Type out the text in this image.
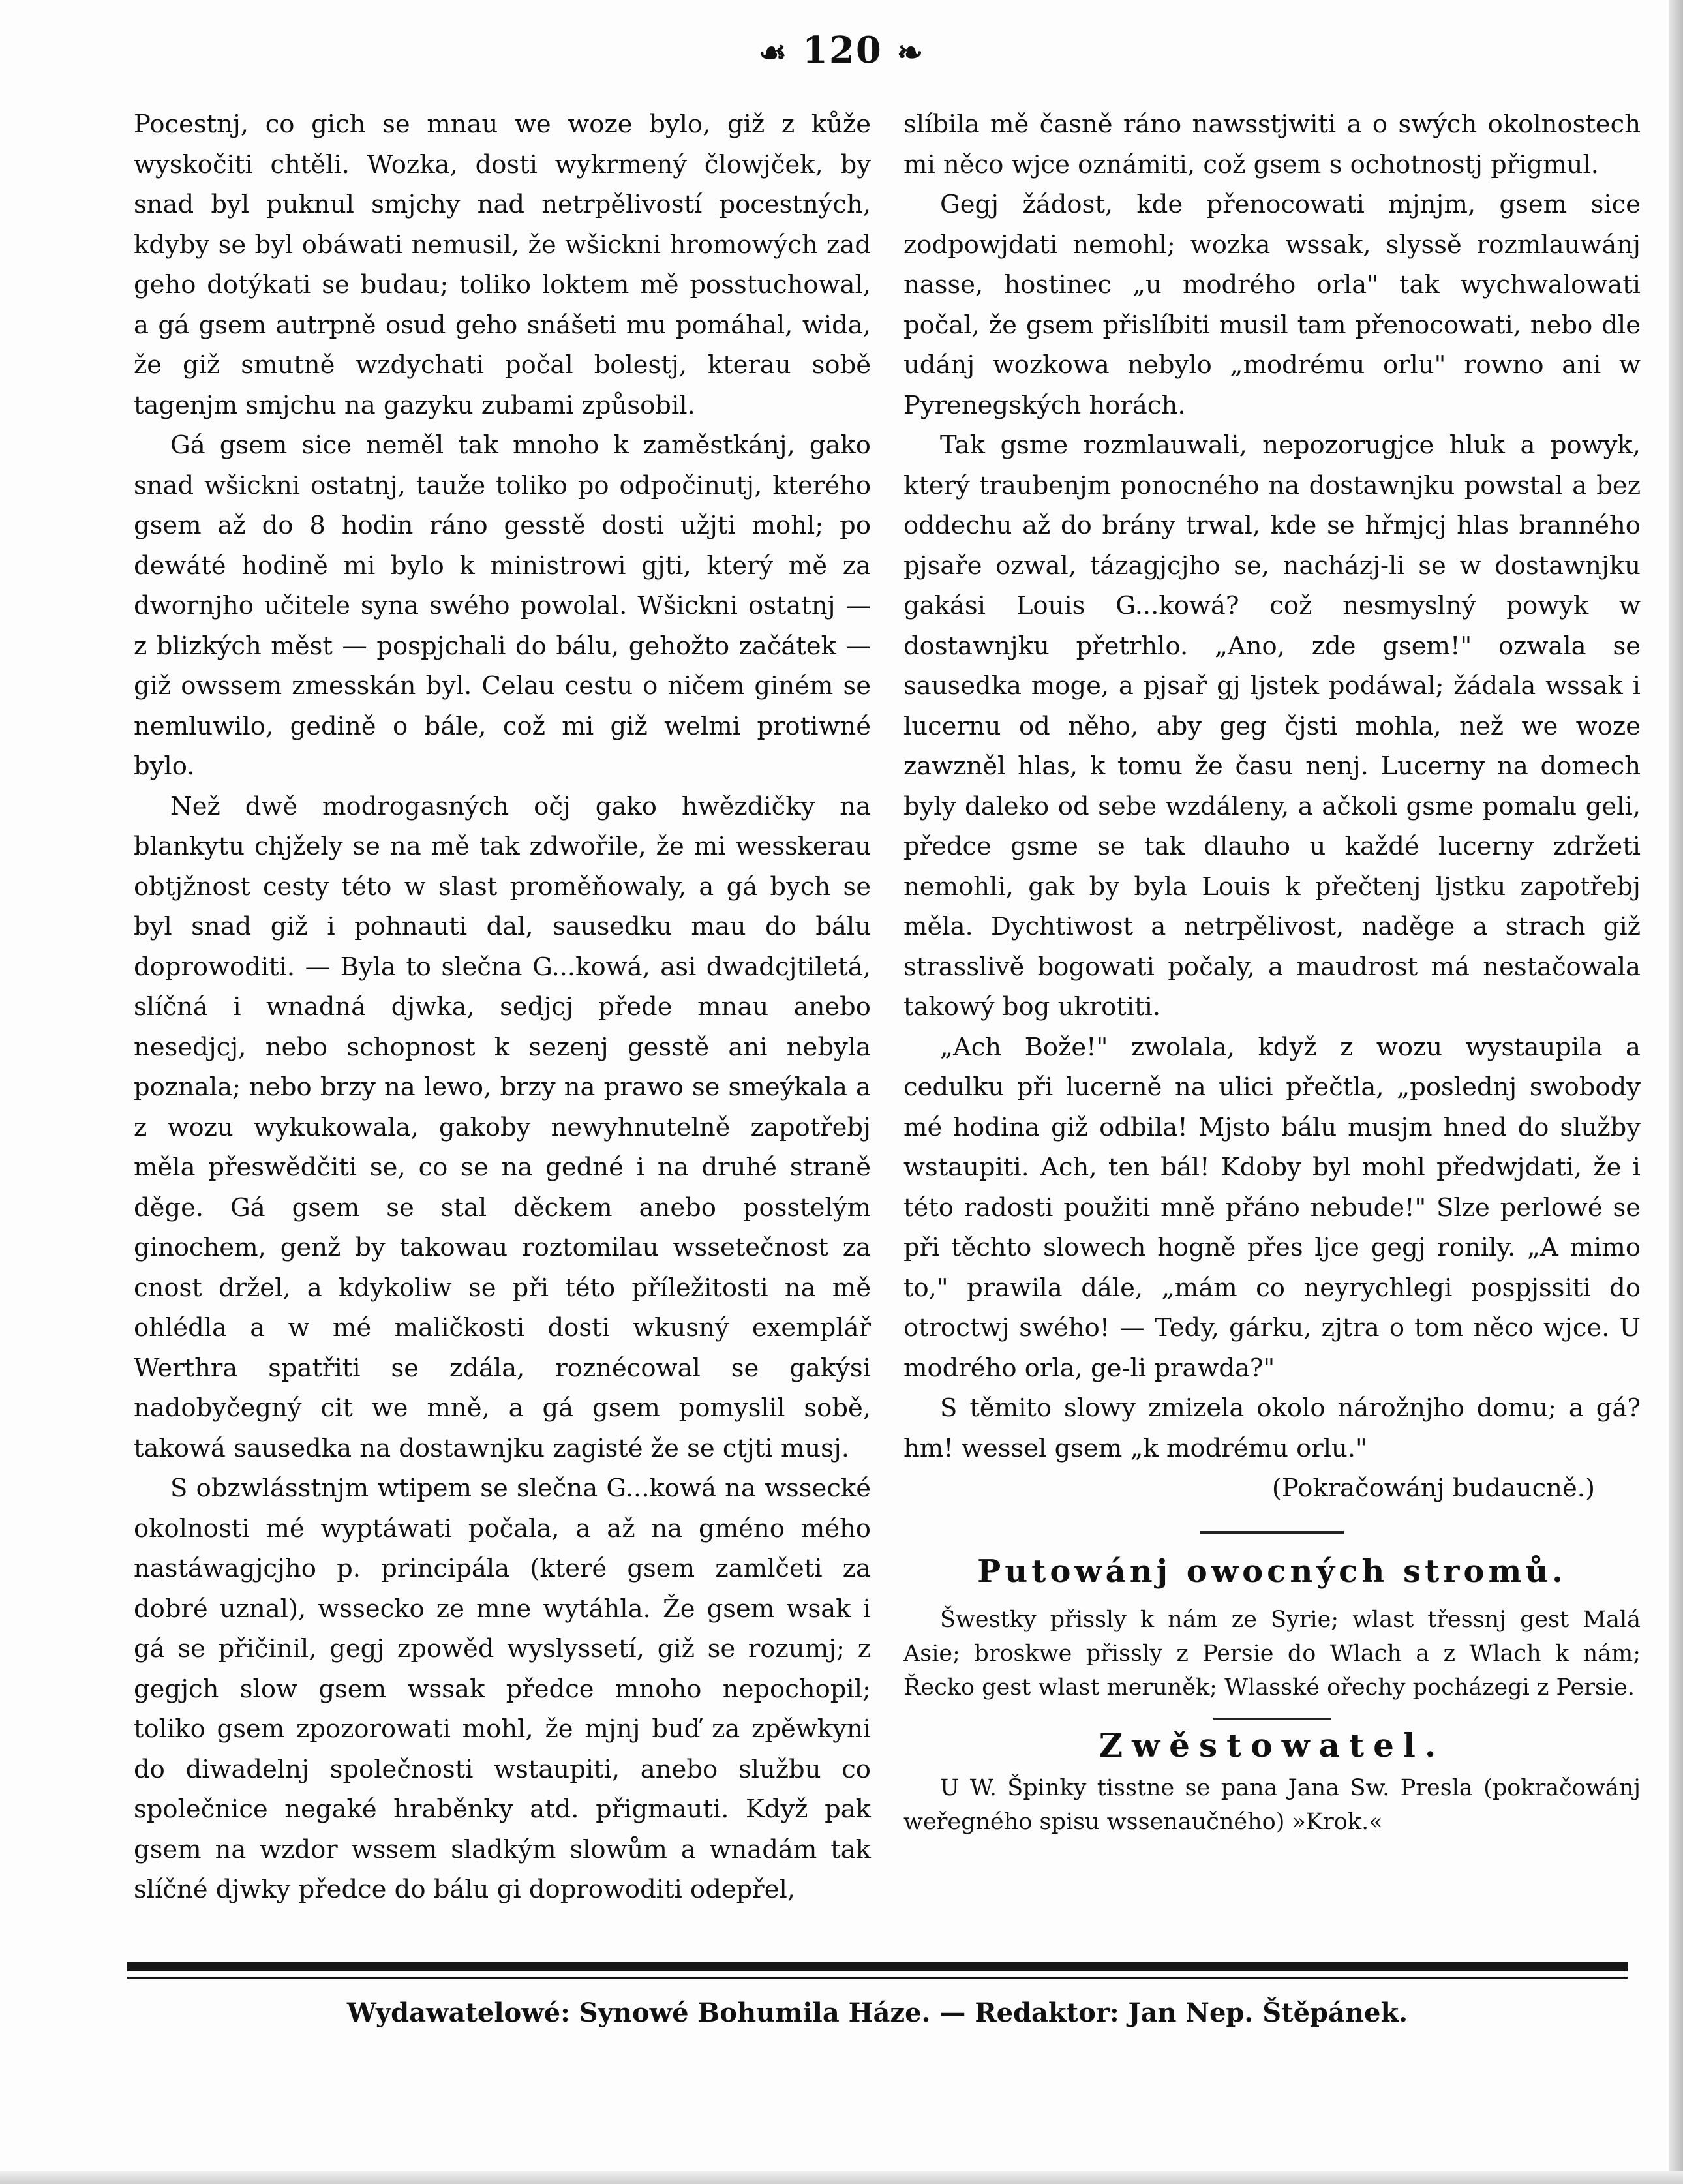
☙ 120 ❧

Pocestnj, co gich se mnau we woze bylo, giž z kůže wyskočiti chtěli. Wozka, dosti wykrmený člowjček, by snad byl puknul smjchy nad netrpělivostí pocestných, kdyby se byl obáwati nemusil, že wšickni hromowých zad geho dotýkati se budau; toliko loktem mě posstuchowal, a gá gsem autrpně osud geho snášeti mu pomáhal, wida, že giž smutně wzdychati počal bolestj, kterau sobě tagenjm smjchu na gazyku zubami způsobil.

Gá gsem sice neměl tak mnoho k zaměstkánj, gako snad wšickni ostatnj, tauže toliko po odpočinutj, kterého gsem až do 8 hodin ráno gesstě dosti užjti mohl; po dewáté hodině mi bylo k ministrowi gjti, který mě za dwornjho učitele syna swého powolal. Wšickni ostatnj — z blizkých měst — pospjchali do bálu, gehožto začátek — giž owssem zmesskán byl. Celau cestu o ničem giném se nemluwilo, gedině o bále, což mi giž welmi protiwné bylo.

Než dwě modrogasných očj gako hwězdičky na blankytu chjžely se na mě tak zdwořile, že mi wesskerau obtjžnost cesty této w slast proměňowaly, a gá bych se byl snad giž i pohnauti dal, sausedku mau do bálu doprowoditi. — Byla to slečna G...kowá, asi dwadcjtiletá, slíčná i wnadná djwka, sedjcj přede mnau anebo nesedjcj, nebo schopnost k sezenj gesstě ani nebyla poznala; nebo brzy na lewo, brzy na prawo se smeýkala a z wozu wykukowala, gakoby newyhnutelně zapotřebj měla přeswědčiti se, co se na gedné i na druhé straně děge. Gá gsem se stal děckem anebo posstelým ginochem, genž by takowau roztomilau wssetečnost za cnost držel, a kdykoliw se při této příležitosti na mě ohlédla a w mé maličkosti dosti wkusný exemplář Werthra spatřiti se zdála, roznécowal se gakýsi nadobyčegný cit we mně, a gá gsem pomyslil sobě, takowá sausedka na dostawnjku zagisté že se ctjti musj.

S obzwlásstnjm wtipem se slečna G...kowá na wssecké okolnosti mé wyptáwati počala, a až na gméno mého nastáwagjcjho p. principála (které gsem zamlčeti za dobré uznal), wssecko ze mne wytáhla. Že gsem wsak i gá se přičinil, gegj zpowěd wyslyssetí, giž se rozumj; z gegjch slow gsem wssak předce mnoho nepochopil; toliko gsem zpozorowati mohl, že mjnj buď za zpěwkyni do diwadelnj společnosti wstaupiti, anebo službu co společnice negaké hraběnky atd. přigmauti. Když pak gsem na wzdor wssem sladkým slowům a wnadám tak slíčné djwky předce do bálu gi doprowoditi odepřel,

slíbila mě časně ráno nawsstjwiti a o swých okolnostech mi něco wjce oznámiti, což gsem s ochotnostj přigmul.

Gegj žádost, kde přenocowati mjnjm, gsem sice zodpowjdati nemohl; wozka wssak, slyssě rozmlauwánj nasse, hostinec „u modrého orla" tak wychwalowati počal, že gsem přislíbiti musil tam přenocowati, nebo dle udánj wozkowa nebylo „modrému orlu" rowno ani w Pyrenegských horách.

Tak gsme rozmlauwali, nepozorugjce hluk a powyk, který traubenjm ponocného na dostawnjku powstal a bez oddechu až do brány trwal, kde se hřmjcj hlas branného pjsaře ozwal, tázagjcjho se, nacházj-li se w dostawnjku gakási Louis G...kowá? což nesmyslný powyk w dostawnjku přetrhlo. „Ano, zde gsem!" ozwala se sausedka moge, a pjsař gj ljstek podáwal; žádala wssak i lucernu od něho, aby geg čjsti mohla, než we woze zawzněl hlas, k tomu že času nenj. Lucerny na domech byly daleko od sebe wzdáleny, a ačkoli gsme pomalu geli, předce gsme se tak dlauho u každé lucerny zdržeti nemohli, gak by byla Louis k přečtenj ljstku zapotřebj měla. Dychtiwost a netrpělivost, naděge a strach giž strasslivě bogowati počaly, a maudrost má nestačowala takowý bog ukrotiti.

„Ach Bože!" zwolala, když z wozu wystaupila a cedulku při lucerně na ulici přečtla, „poslednj swobody mé hodina giž odbila! Mjsto bálu musjm hned do služby wstaupiti. Ach, ten bál! Kdoby byl mohl předwjdati, že i této radosti použiti mně přáno nebude!" Slze perlowé se při těchto slowech hogně přes ljce gegj ronily. „A mimo to," prawila dále, „mám co neyrychlegi pospjssiti do otroctwj swého! — Tedy, gárku, zjtra o tom něco wjce. U modrého orla, ge-li prawda?"

S těmito slowy zmizela okolo nárožnjho domu; a gá? hm! wessel gsem „k modrému orlu."

(Pokračowánj budaucně.)

Putowánj owocných stromů.

Šwestky přissly k nám ze Syrie; wlast třessnj gest Malá Asie; broskwe přissly z Persie do Wlach a z Wlach k nám; Řecko gest wlast meruněk; Wlasské ořechy pocházegi z Persie.

Zwěstowatel.

U W. Špinky tisstne se pana Jana Sw. Presla (pokračowánj weřegného spisu wssenaučného) »Krok.«

Wydawatelowé: Synowé Bohumila Háze. — Redaktor: Jan Nep. Štěpánek.
